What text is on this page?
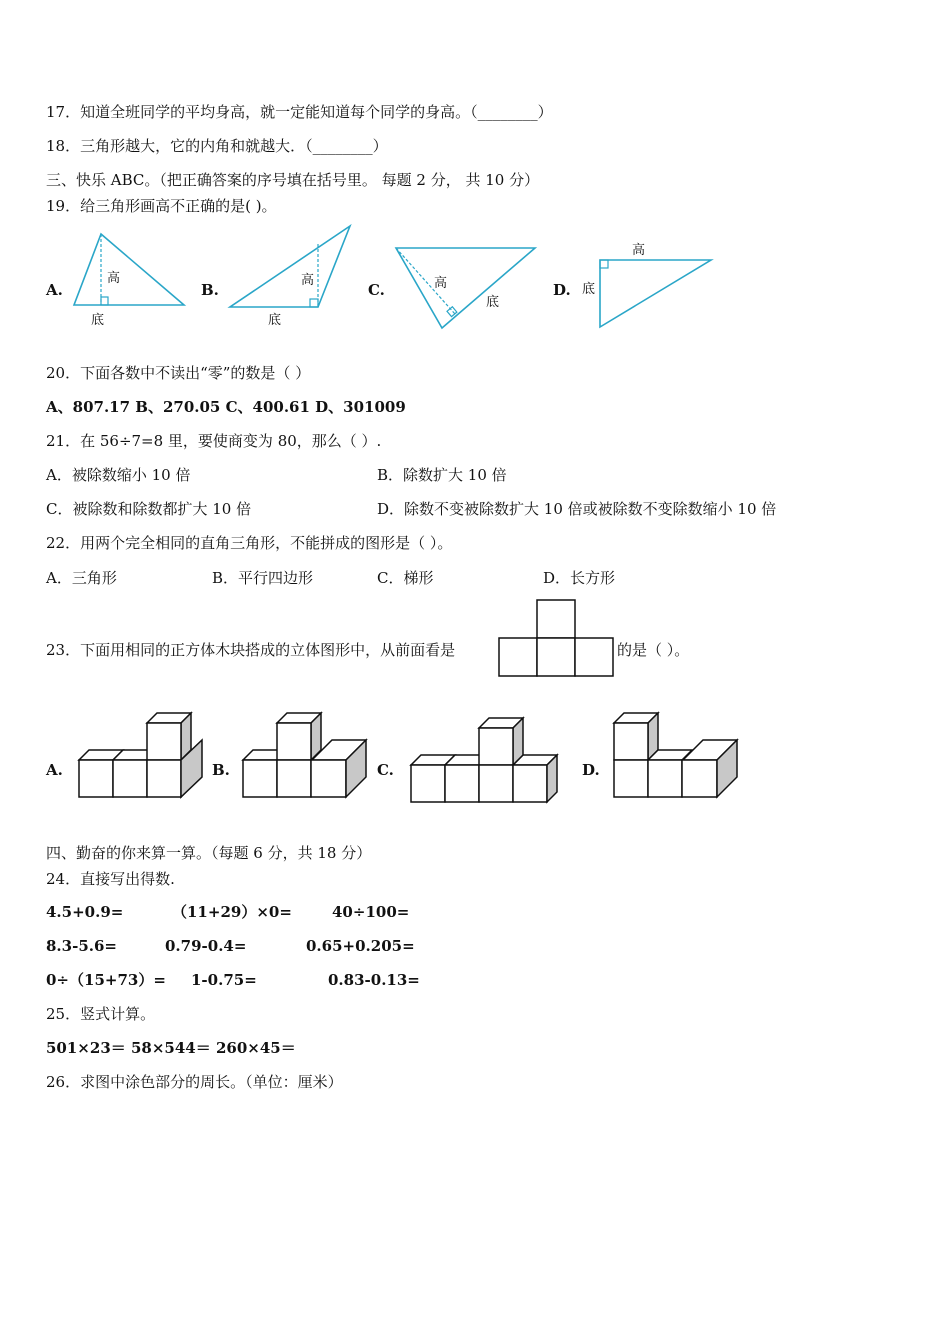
17．知道全班同学的平均身高，就一定能知道每个同学的身高。（________）
18．三角形越大，它的内角和就越大．（________）
三、快乐 ABC。（把正确答案的序号填在括号里。 每题 2 分， 共 10 分）
19．给三角形画高不正确的是( )。
A.
高
底
B.
高
底
C.	高
底
D.
高
底
20．下面各数中不读出“零”的数是（ ）
A、807.17 B、270.05 C、400.61 D、301009
21．在 56÷7=8 里，要使商变为 80，那么（ ）.
A．被除数缩小 10 倍	B．除数扩大 10 倍
C．被除数和除数都扩大 10 倍	D．除数不变被除数扩大 10 倍或被除数不变除数缩小 10 倍
22．用两个完全相同的直角三角形，不能拼成的图形是（ ）。
A．三角形	B．平行四边形	C．梯形	D．长方形
23．下面用相同的正方体木块搭成的立体图形中，从前面看是	的是（ ）。
A.	B.	C.	D.
四、勤奋的你来算一算。（每题 6 分，共 18 分）
24．直接写出得数.
4.5+0.9=	（11+29）×0=	40÷100=
8.3-5.6=	0.79-0.4=	0.65+0.205=
0÷（15+73）= 1-0.75=	0.83-0.13=
25．竖式计算。
501×23＝ 58×544＝ 260×45＝
26．求图中涂色部分的周长。（单位：厘米）
